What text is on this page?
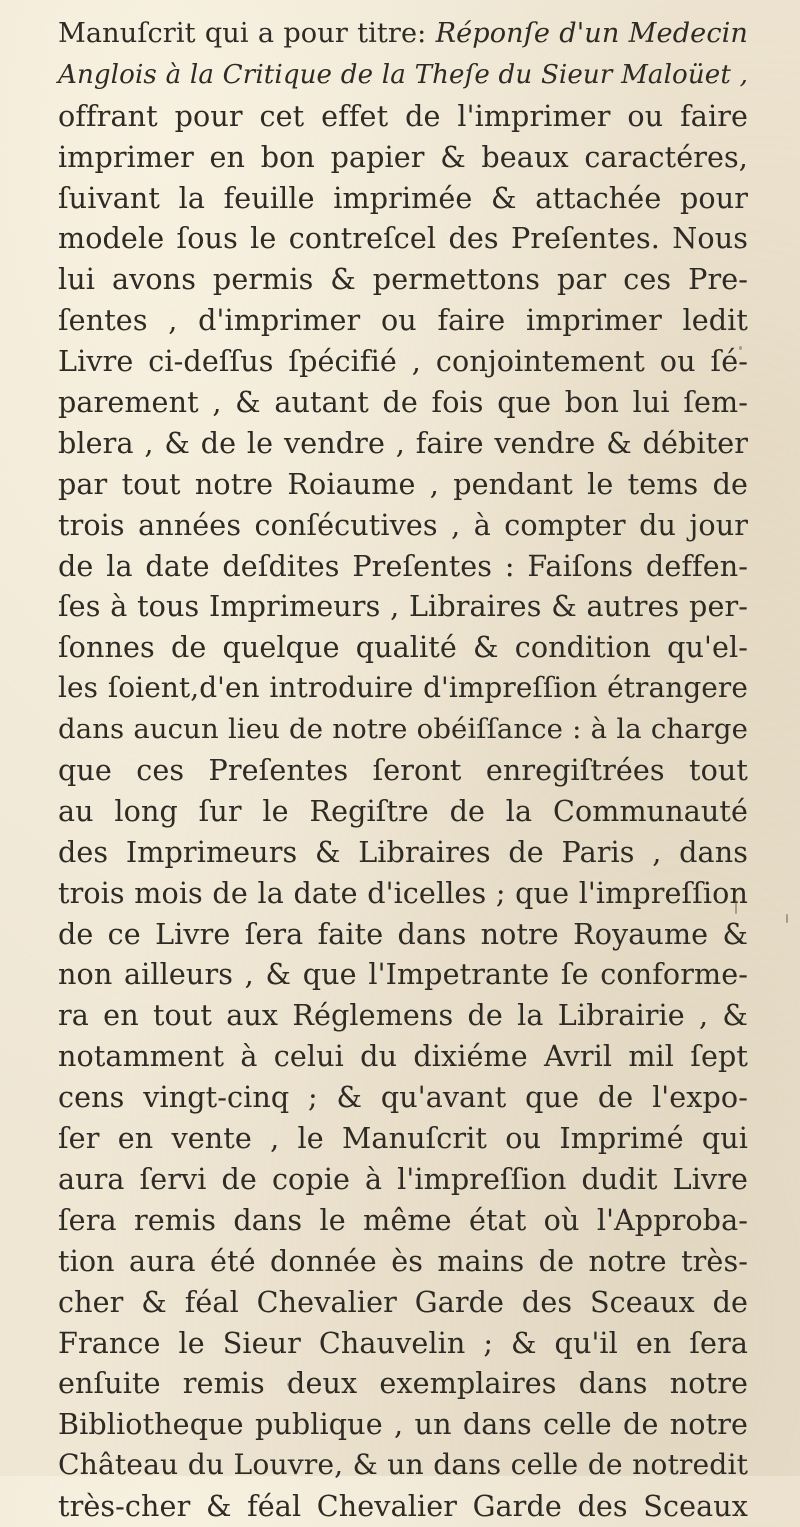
Manuſcrit qui a pour titre: Réponſe d'un Medecin
Anglois à la Critique de la Theſe du Sieur Maloüet ,
offrant pour cet effet de l'imprimer ou faire
imprimer en bon papier & beaux caractéres,
ſuivant la feuille imprimée & attachée pour
modele ſous le contreſcel des Preſentes. Nous
lui avons permis & permettons par ces Pre-
ſentes , d'imprimer ou faire imprimer ledit
Livre ci-deſſus ſpécifié , conjointement ou ſé-
parement , & autant de fois que bon lui ſem-
blera , & de le vendre , faire vendre & débiter
par tout notre Roiaume , pendant le tems de
trois années conſécutives , à compter du jour
de la date deſdites Preſentes : Faiſons deffen-
ſes à tous Imprimeurs , Libraires & autres per-
ſonnes de quelque qualité & condition qu'el-
les ſoient,d'en introduire d'impreſſion étrangere
dans aucun lieu de notre obéiſſance : à la charge
que ces Preſentes ſeront enregiſtrées tout
au long ſur le Regiſtre de la Communauté
des Imprimeurs & Libraires de Paris , dans
trois mois de la date d'icelles ; que l'impreſſion
de ce Livre ſera faite dans notre Royaume &
non ailleurs , & que l'Impetrante ſe conforme-
ra en tout aux Réglemens de la Librairie , &
notamment à celui du dixiéme Avril mil ſept
cens vingt-cinq ; & qu'avant que de l'expo-
ſer en vente , le Manuſcrit ou Imprimé qui
aura ſervi de copie à l'impreſſion dudit Livre
ſera remis dans le même état où l'Approba-
tion aura été donnée ès mains de notre très-
cher & féal Chevalier Garde des Sceaux de
France le Sieur Chauvelin ; & qu'il en ſera
enſuite remis deux exemplaires dans notre
Bibliotheque publique , un dans celle de notre
Château du Louvre, & un dans celle de notredit
très-cher & féal Chevalier Garde des Sceaux
